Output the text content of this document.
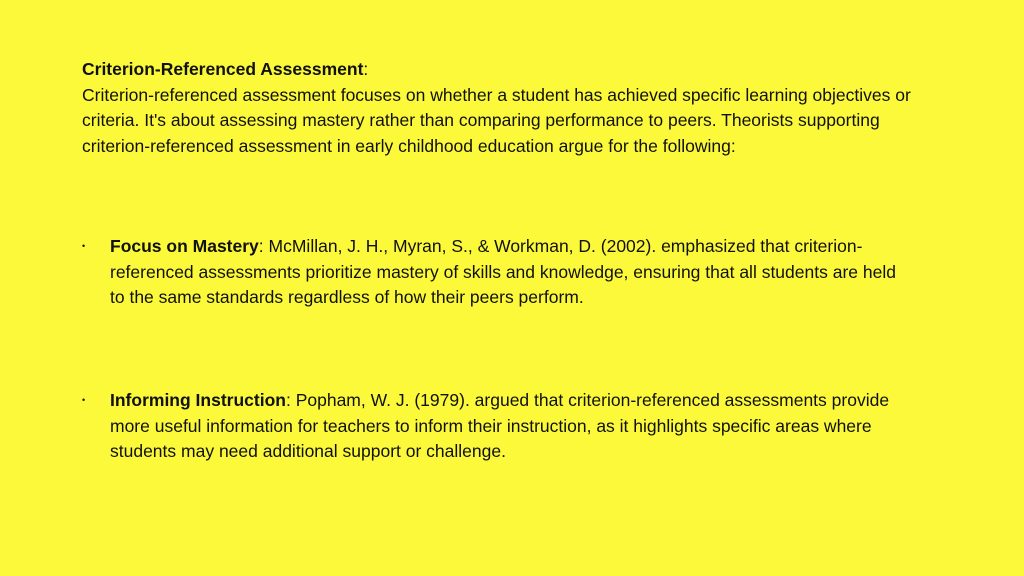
Criterion-Referenced Assessment:
Criterion-referenced assessment focuses on whether a student has achieved specific learning objectives or criteria. It's about assessing mastery rather than comparing performance to peers. Theorists supporting criterion-referenced assessment in early childhood education argue for the following:
•	Focus on Mastery: McMillan, J. H., Myran, S., & Workman, D. (2002). emphasized that criterion-referenced assessments prioritize mastery of skills and knowledge, ensuring that all students are held to the same standards regardless of how their peers perform.
•	Informing Instruction: Popham, W. J. (1979). argued that criterion-referenced assessments provide more useful information for teachers to inform their instruction, as it highlights specific areas where students may need additional support or challenge.
